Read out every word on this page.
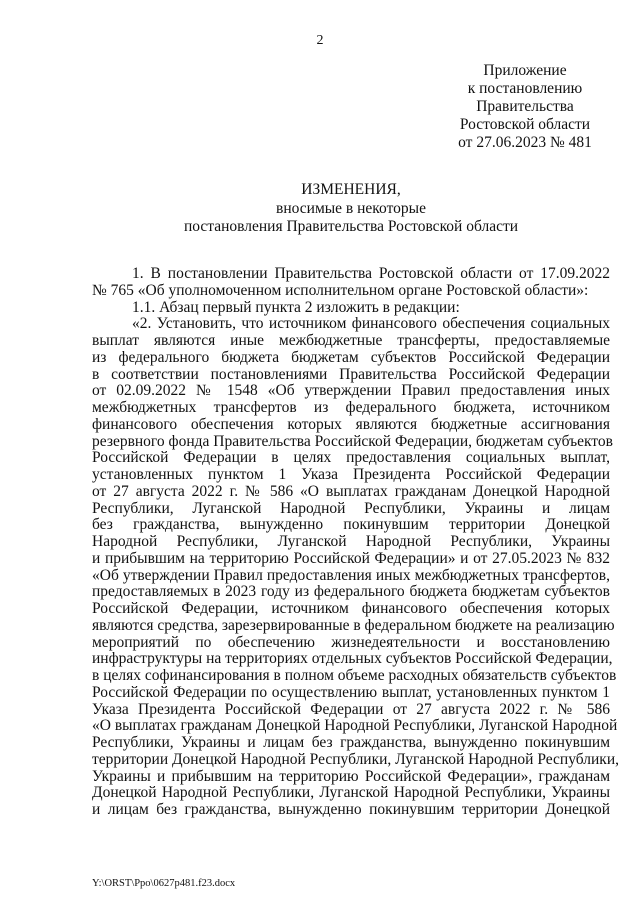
2
Приложение
к постановлению
Правительства
Ростовской области
от 27.06.2023 № 481
ИЗМЕНЕНИЯ,
вносимые в некоторые
постановления Правительства Ростовской области
1. В постановлении Правительства Ростовской области от 17.09.2022
№ 765 «Об уполномоченном исполнительном органе Ростовской области»:
1.1. Абзац первый пункта 2 изложить в редакции:
«2. Установить, что источником финансового обеспечения социальных
выплат являются иные межбюджетные трансферты, предоставляемые
из федерального бюджета бюджетам субъектов Российской Федерации
в соответствии постановлениями Правительства Российской Федерации
от 02.09.2022 № 1548 «Об утверждении Правил предоставления иных
межбюджетных трансфертов из федерального бюджета, источником
финансового обеспечения которых являются бюджетные ассигнования
резервного фонда Правительства Российской Федерации, бюджетам субъектов
Российской Федерации в целях предоставления социальных выплат,
установленных пунктом 1 Указа Президента Российской Федерации
от 27 августа 2022 г. № 586 «О выплатах гражданам Донецкой Народной
Республики, Луганской Народной Республики, Украины и лицам
без гражданства, вынужденно покинувшим территории Донецкой
Народной Республики, Луганской Народной Республики, Украины
и прибывшим на территорию Российской Федерации» и от 27.05.2023 № 832
«Об утверждении Правил предоставления иных межбюджетных трансфертов,
предоставляемых в 2023 году из федерального бюджета бюджетам субъектов
Российской Федерации, источником финансового обеспечения которых
являются средства, зарезервированные в федеральном бюджете на реализацию
мероприятий по обеспечению жизнедеятельности и восстановлению
инфраструктуры на территориях отдельных субъектов Российской Федерации,
в целях софинансирования в полном объеме расходных обязательств субъектов
Российской Федерации по осуществлению выплат, установленных пунктом 1
Указа Президента Российской Федерации от 27 августа 2022 г. № 586
«О выплатах гражданам Донецкой Народной Республики, Луганской Народной
Республики, Украины и лицам без гражданства, вынужденно покинувшим
территории Донецкой Народной Республики, Луганской Народной Республики,
Украины и прибывшим на территорию Российской Федерации», гражданам
Донецкой Народной Республики, Луганской Народной Республики, Украины
и лицам без гражданства, вынужденно покинувшим территории Донецкой
Y:\ORST\Ppo\0627p481.f23.docx
